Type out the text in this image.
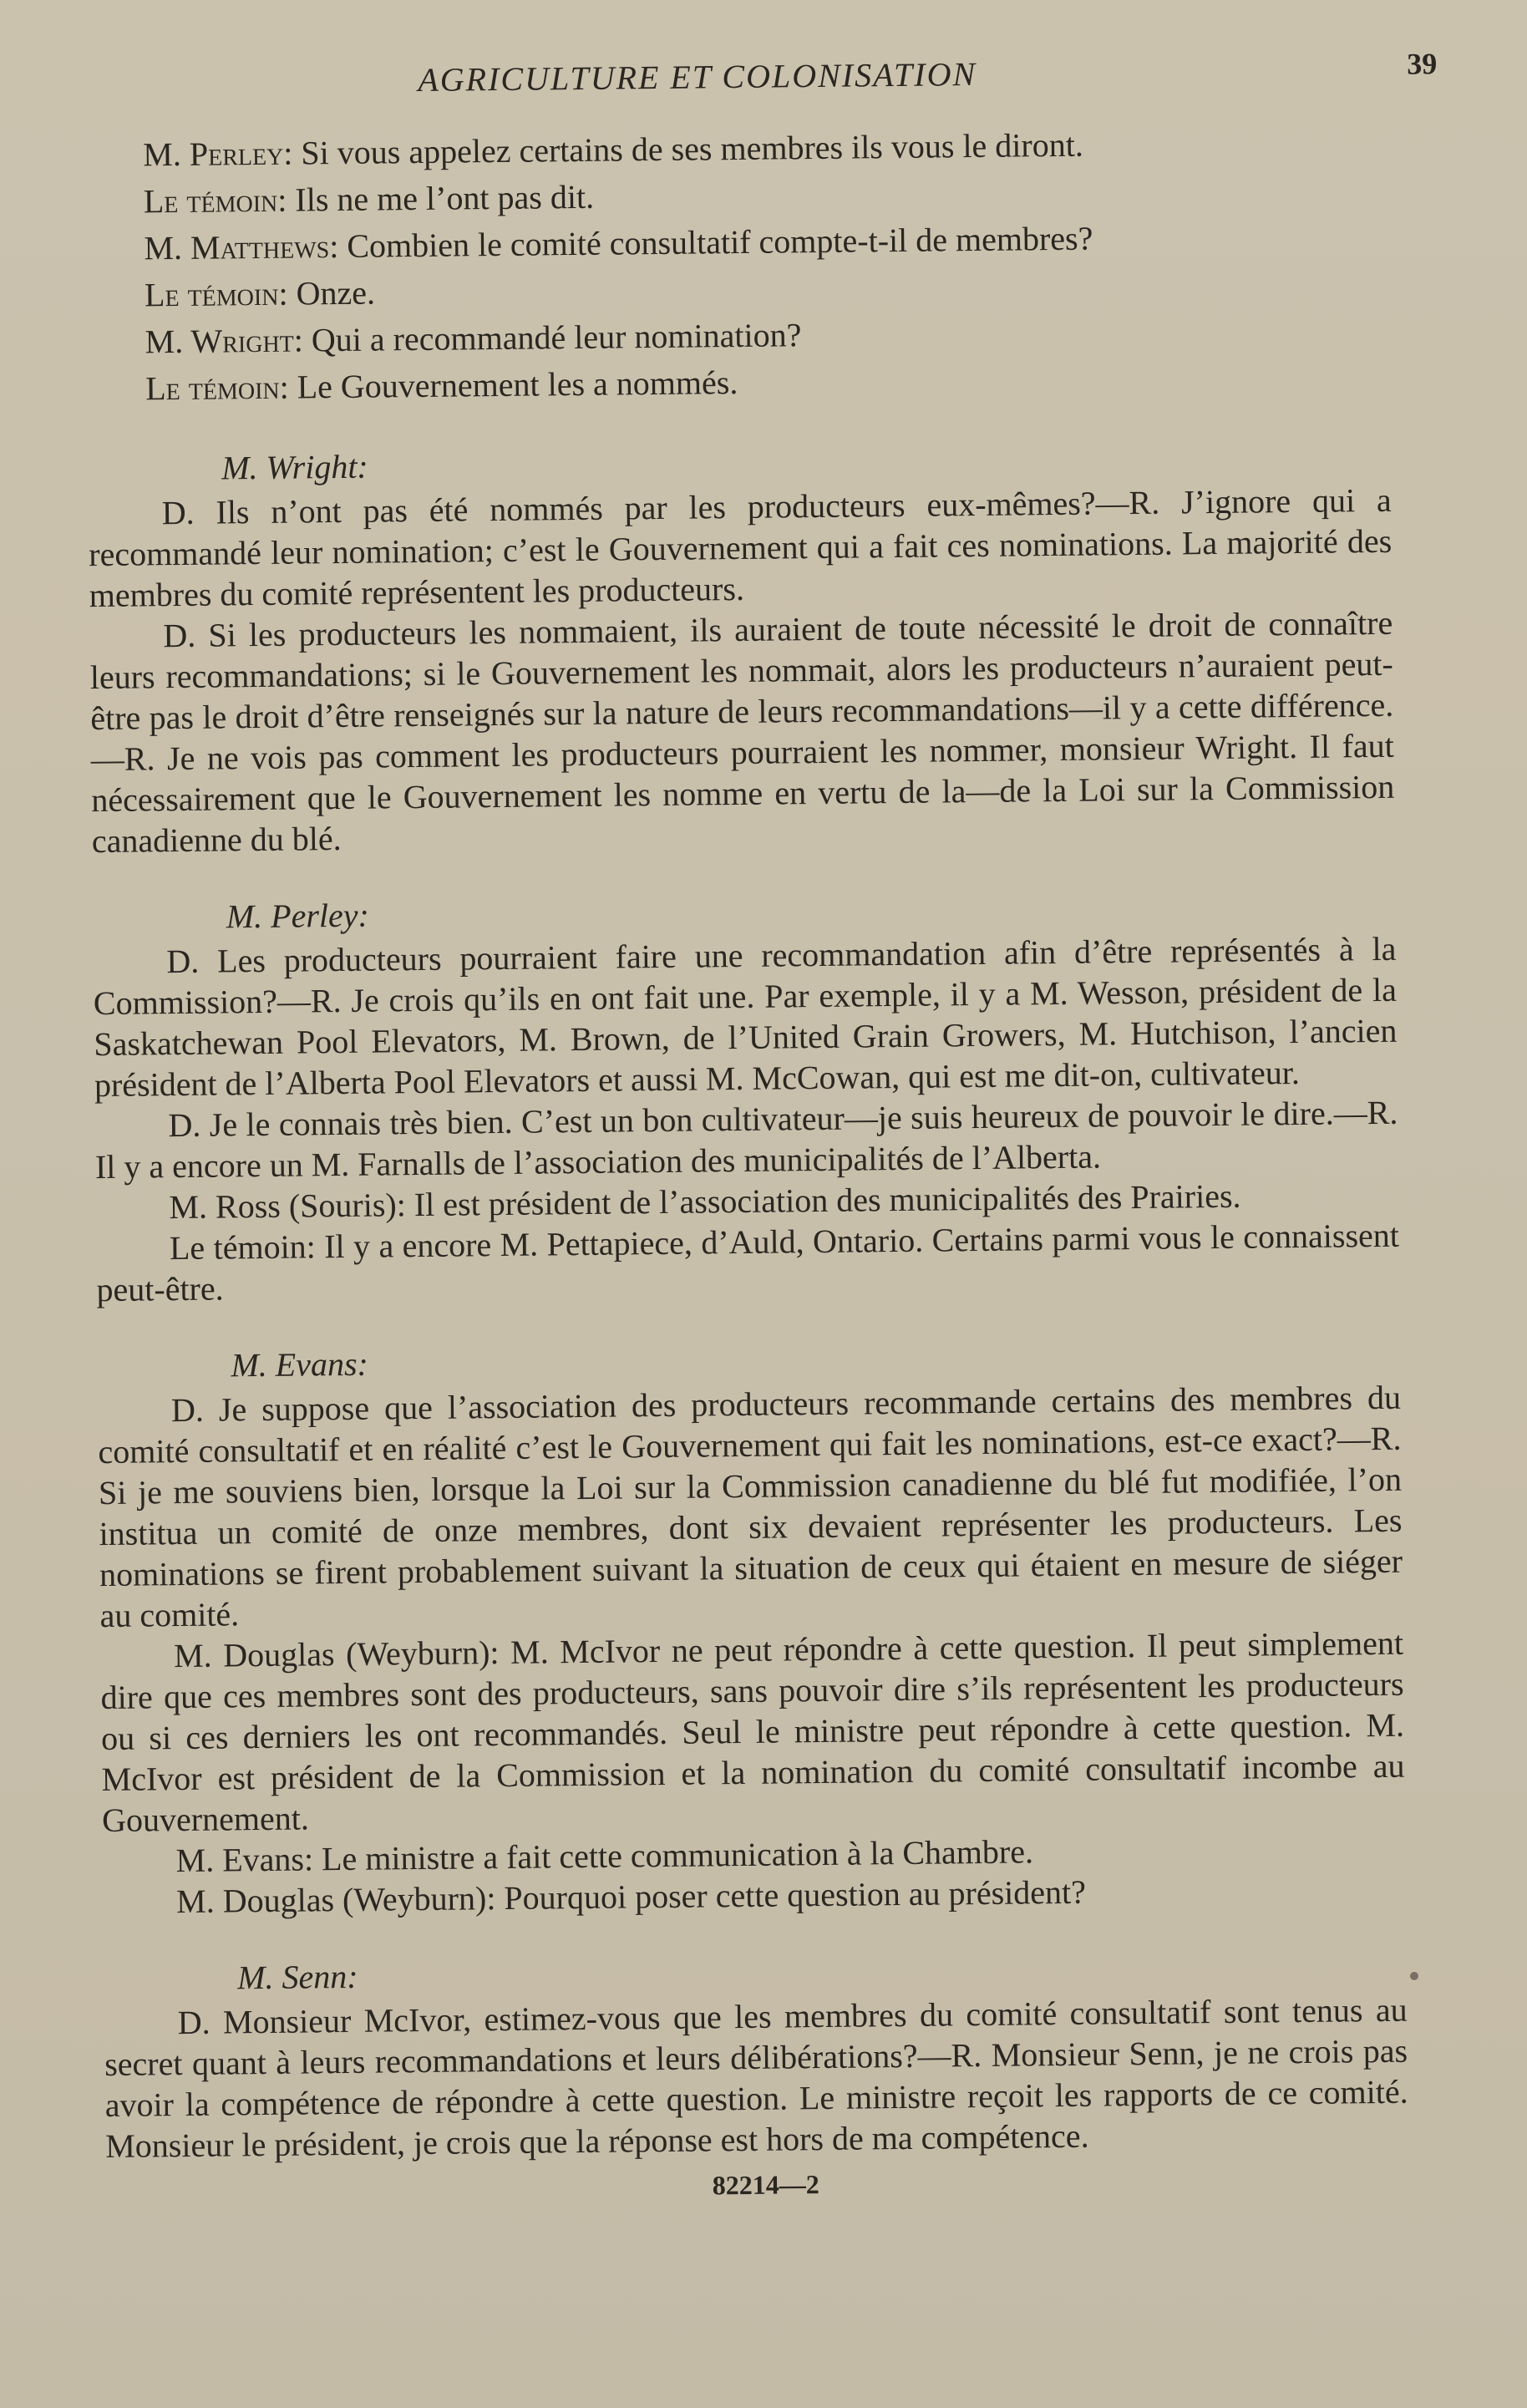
AGRICULTURE ET COLONISATION	39
M. Perley: Si vous appelez certains de ses membres ils vous le diront.
Le témoin: Ils ne me l’ont pas dit.
M. Matthews: Combien le comité consultatif compte-t-il de membres?
Le témoin: Onze.
M. Wright: Qui a recommandé leur nomination?
Le témoin: Le Gouvernement les a nommés.
M. Wright:

D. Ils n’ont pas été nommés par les producteurs eux-mêmes?—R. J’ignore qui a recommandé leur nomination; c’est le Gouvernement qui a fait ces nominations. La majorité des membres du comité représentent les producteurs.

D. Si les producteurs les nommaient, ils auraient de toute nécessité le droit de connaître leurs recommandations; si le Gouvernement les nommait, alors les producteurs n’auraient peut-être pas le droit d’être renseignés sur la nature de leurs recommandations—il y a cette différence.—R. Je ne vois pas comment les producteurs pourraient les nommer, monsieur Wright. Il faut nécessairement que le Gouvernement les nomme en vertu de la—de la Loi sur la Commission canadienne du blé.

M. Perley:

D. Les producteurs pourraient faire une recommandation afin d’être représentés à la Commission?—R. Je crois qu’ils en ont fait une. Par exemple, il y a M. Wesson, président de la Saskatchewan Pool Elevators, M. Brown, de l’United Grain Growers, M. Hutchison, l’ancien président de l’Alberta Pool Elevators et aussi M. McCowan, qui est me dit-on, cultivateur.

D. Je le connais très bien. C’est un bon cultivateur—je suis heureux de pouvoir le dire.—R. Il y a encore un M. Farnalls de l’association des municipalités de l’Alberta.

M. Ross (Souris): Il est président de l’association des municipalités des Prairies.

Le témoin: Il y a encore M. Pettapiece, d’Auld, Ontario. Certains parmi vous le connaissent peut-être.

M. Evans:

D. Je suppose que l’association des producteurs recommande certains des membres du comité consultatif et en réalité c’est le Gouvernement qui fait les nominations, est-ce exact?—R. Si je me souviens bien, lorsque la Loi sur la Commission canadienne du blé fut modifiée, l’on institua un comité de onze membres, dont six devaient représenter les producteurs. Les nominations se firent probablement suivant la situation de ceux qui étaient en mesure de siéger au comité.

M. Douglas (Weyburn): M. McIvor ne peut répondre à cette question. Il peut simplement dire que ces membres sont des producteurs, sans pouvoir dire s’ils représentent les producteurs ou si ces derniers les ont recommandés. Seul le ministre peut répondre à cette question. M. McIvor est président de la Commission et la nomination du comité consultatif incombe au Gouvernement.

M. Evans: Le ministre a fait cette communication à la Chambre.

M. Douglas (Weyburn): Pourquoi poser cette question au président?

M. Senn:

D. Monsieur McIvor, estimez-vous que les membres du comité consultatif sont tenus au secret quant à leurs recommandations et leurs délibérations?—R. Monsieur Senn, je ne crois pas avoir la compétence de répondre à cette question. Le ministre reçoit les rapports de ce comité. Monsieur le président, je crois que la réponse est hors de ma compétence.

82214—2
